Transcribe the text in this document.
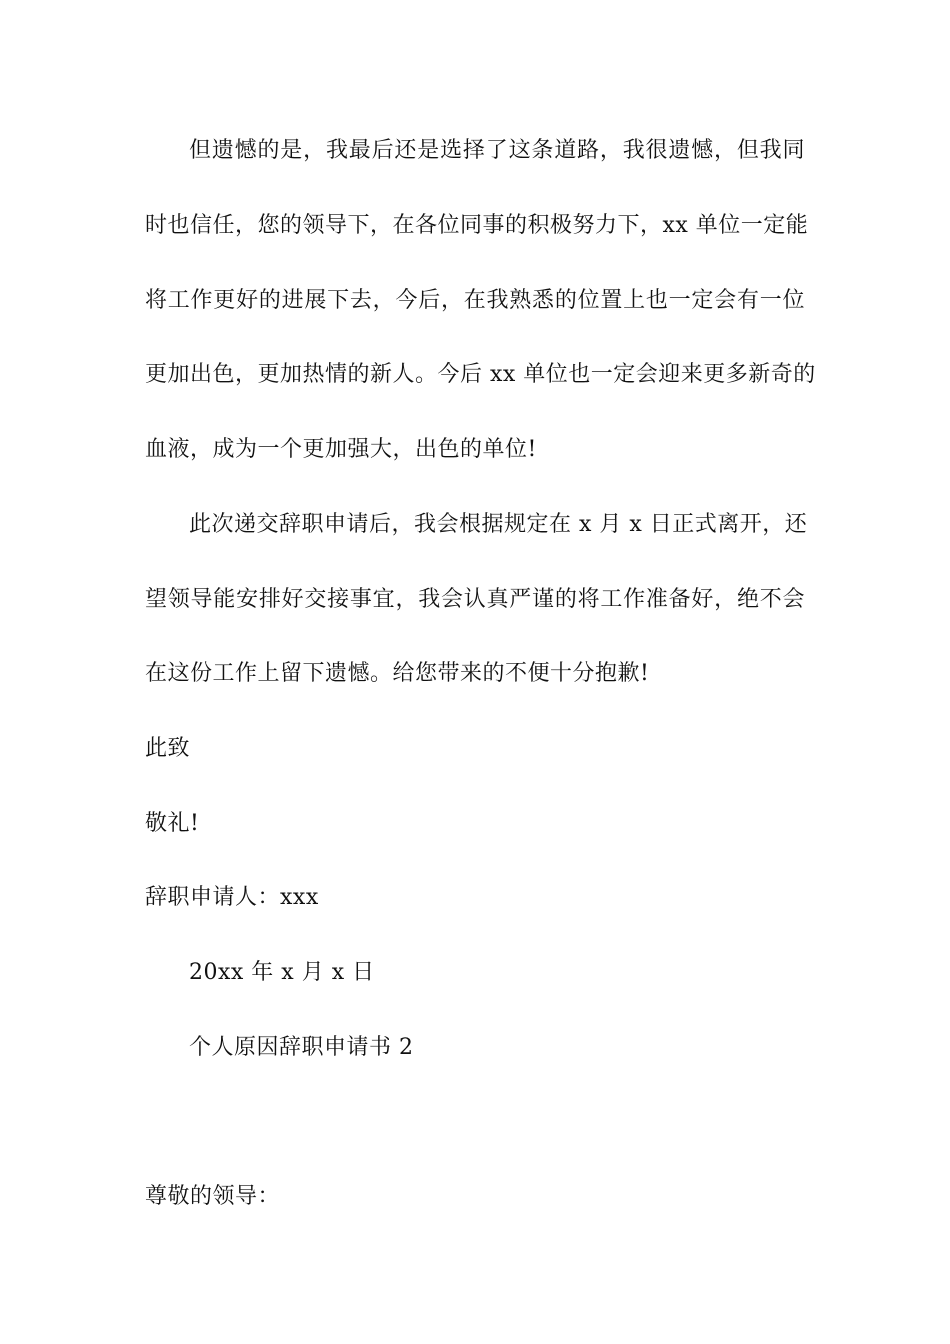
但遗憾的是，我最后还是选择了这条道路，我很遗憾，但我同
时也信任，您的领导下，在各位同事的积极努力下，xx 单位一定能
将工作更好的进展下去，今后，在我熟悉的位置上也一定会有一位
更加出色，更加热情的新人。今后 xx 单位也一定会迎来更多新奇的
血液，成为一个更加强大，出色的单位!
此次递交辞职申请后，我会根据规定在 x 月 x 日正式离开，还
望领导能安排好交接事宜，我会认真严谨的将工作准备好，绝不会
在这份工作上留下遗憾。给您带来的不便十分抱歉!
此致
敬礼!
辞职申请人：xxx
20xx 年 x 月 x 日
个人原因辞职申请书 2
尊敬的领导：
